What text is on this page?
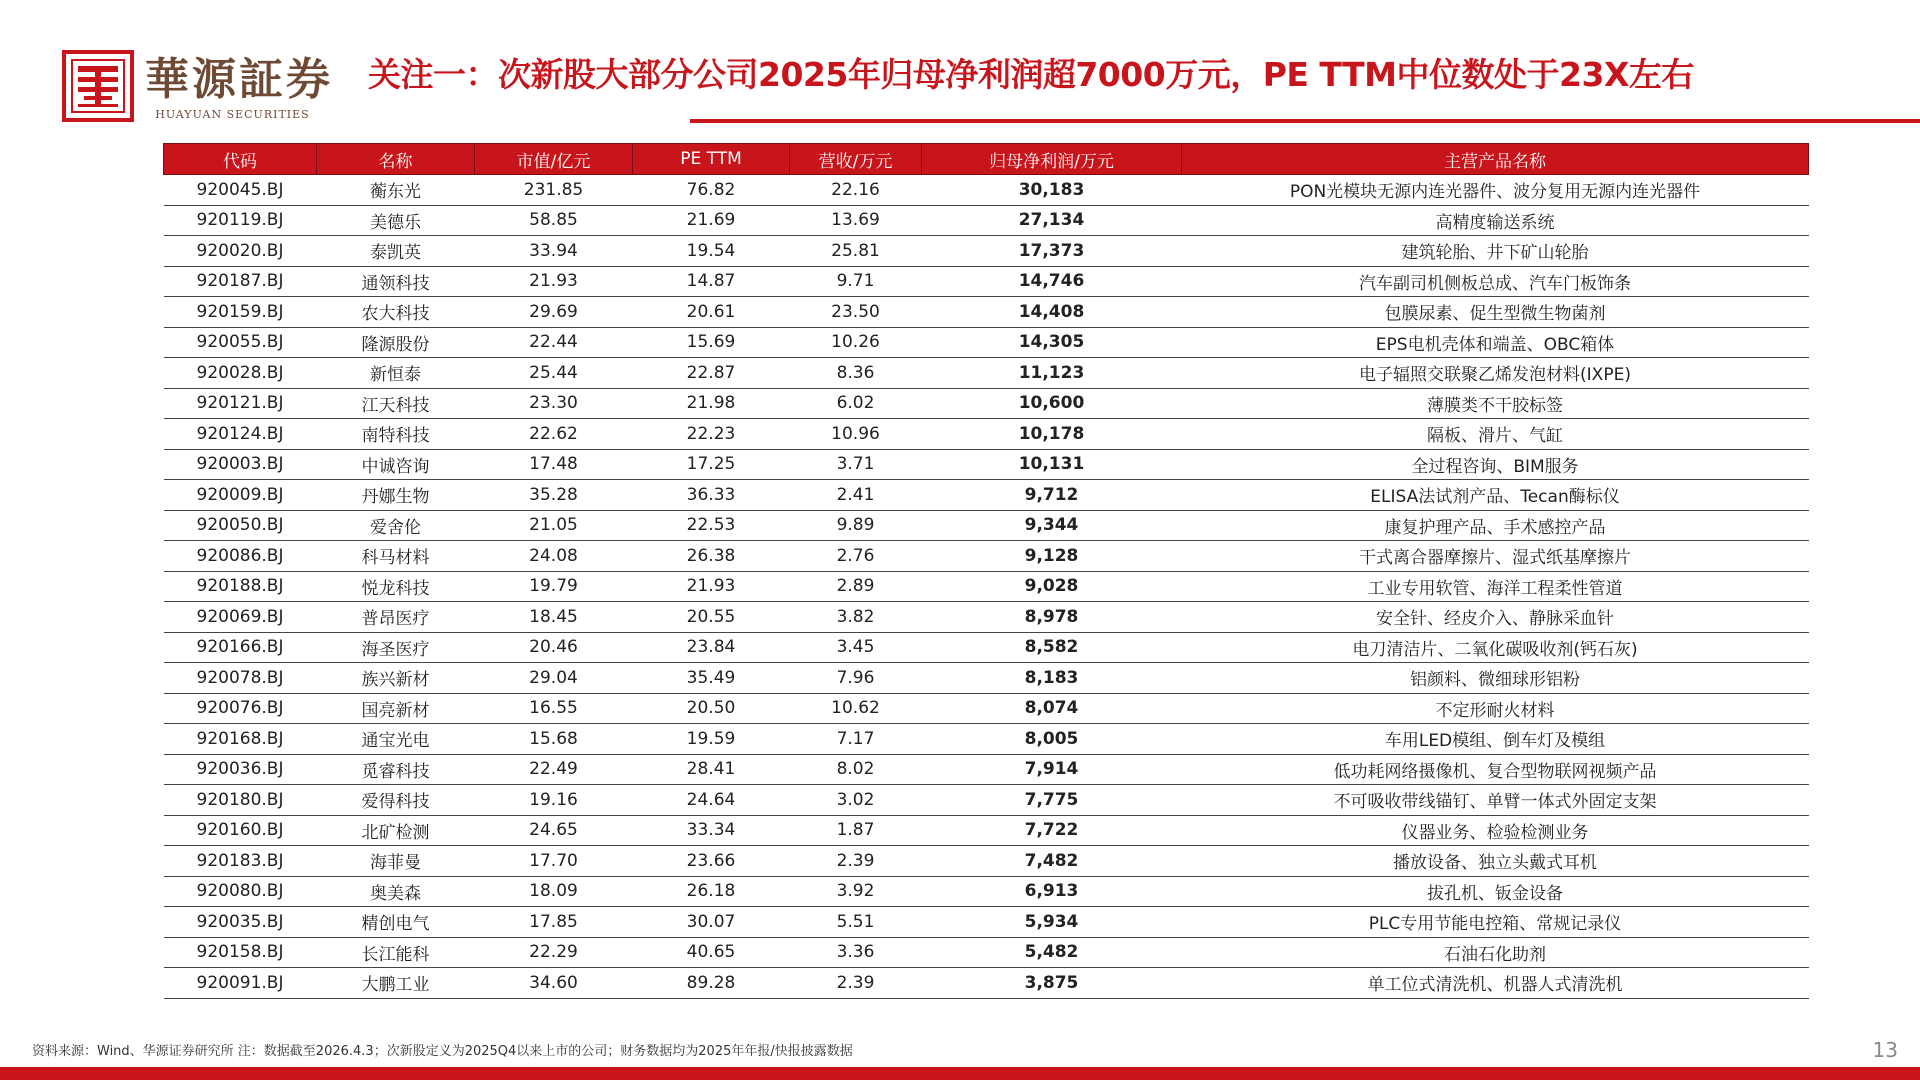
華源証券
HUAYUAN SECURITIES
关注一：次新股大部分公司2025年归母净利润超7000万元，PE TTM中位数处于23X左右
代码	名称	市值/亿元	PE TTM	营收/万元	归母净利润/万元	主营产品名称
920045.BJ	蘅东光	231.85	76.82	22.16	30,183	PON光模块无源内连光器件、波分复用无源内连光器件
920119.BJ	美德乐	58.85	21.69	13.69	27,134	高精度输送系统
920020.BJ	泰凯英	33.94	19.54	25.81	17,373	建筑轮胎、井下矿山轮胎
920187.BJ	通领科技	21.93	14.87	9.71	14,746	汽车副司机侧板总成、汽车门板饰条
920159.BJ	农大科技	29.69	20.61	23.50	14,408	包膜尿素、促生型微生物菌剂
920055.BJ	隆源股份	22.44	15.69	10.26	14,305	EPS电机壳体和端盖、OBC箱体
920028.BJ	新恒泰	25.44	22.87	8.36	11,123	电子辐照交联聚乙烯发泡材料(IXPE)
920121.BJ	江天科技	23.30	21.98	6.02	10,600	薄膜类不干胶标签
920124.BJ	南特科技	22.62	22.23	10.96	10,178	隔板、滑片、气缸
920003.BJ	中诚咨询	17.48	17.25	3.71	10,131	全过程咨询、BIM服务
920009.BJ	丹娜生物	35.28	36.33	2.41	9,712	ELISA法试剂产品、Tecan酶标仪
920050.BJ	爱舍伦	21.05	22.53	9.89	9,344	康复护理产品、手术感控产品
920086.BJ	科马材料	24.08	26.38	2.76	9,128	干式离合器摩擦片、湿式纸基摩擦片
920188.BJ	悦龙科技	19.79	21.93	2.89	9,028	工业专用软管、海洋工程柔性管道
920069.BJ	普昂医疗	18.45	20.55	3.82	8,978	安全针、经皮介入、静脉采血针
920166.BJ	海圣医疗	20.46	23.84	3.45	8,582	电刀清洁片、二氧化碳吸收剂(钙石灰)
920078.BJ	族兴新材	29.04	35.49	7.96	8,183	铝颜料、微细球形铝粉
920076.BJ	国亮新材	16.55	20.50	10.62	8,074	不定形耐火材料
920168.BJ	通宝光电	15.68	19.59	7.17	8,005	车用LED模组、倒车灯及模组
920036.BJ	觅睿科技	22.49	28.41	8.02	7,914	低功耗网络摄像机、复合型物联网视频产品
920180.BJ	爱得科技	19.16	24.64	3.02	7,775	不可吸收带线锚钉、单臂一体式外固定支架
920160.BJ	北矿检测	24.65	33.34	1.87	7,722	仪器业务、检验检测业务
920183.BJ	海菲曼	17.70	23.66	2.39	7,482	播放设备、独立头戴式耳机
920080.BJ	奥美森	18.09	26.18	3.92	6,913	拔孔机、钣金设备
920035.BJ	精创电气	17.85	30.07	5.51	5,934	PLC专用节能电控箱、常规记录仪
920158.BJ	长江能科	22.29	40.65	3.36	5,482	石油石化助剂
920091.BJ	大鹏工业	34.60	89.28	2.39	3,875	单工位式清洗机、机器人式清洗机
资料来源：Wind、华源证券研究所 注：数据截至2026.4.3；次新股定义为2025Q4以来上市的公司；财务数据均为2025年年报/快报披露数据	13
